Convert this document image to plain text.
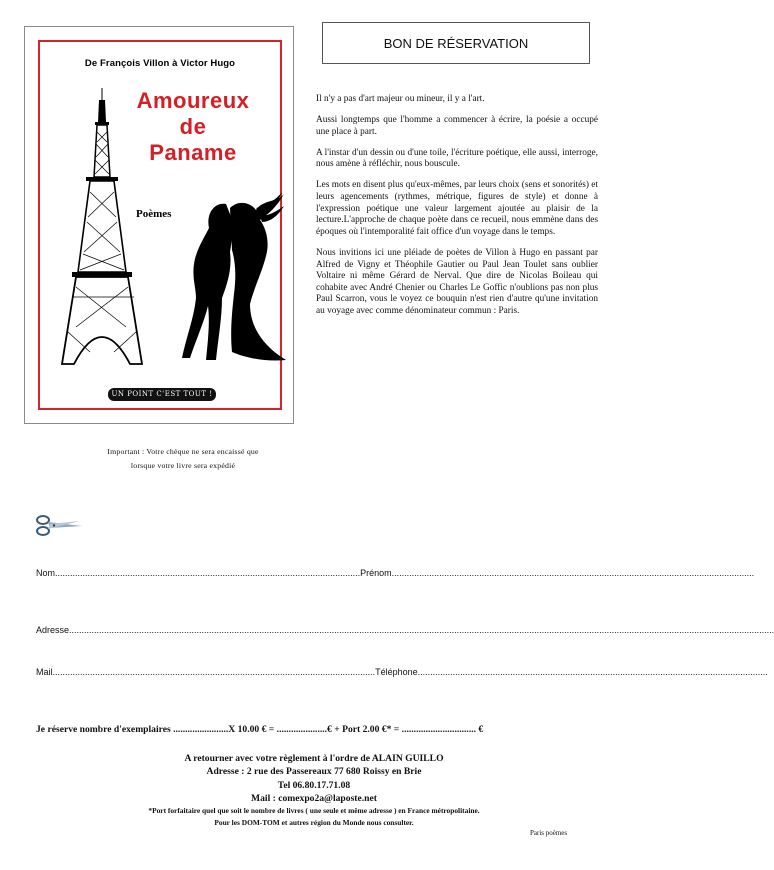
De François Villon à Victor Hugo
Amoureux
de
Paname
Poèmes
UN POINT C'EST TOUT !
BON DE RÉSERVATION

Il n'y a pas d'art majeur ou mineur, il y a l'art.

Aussi longtemps que l'homme a commencer à écrire, la poésie a occupé une place à part.

A l'instar d'un dessin ou d'une toile, l'écriture poétique, elle aussi, interroge, nous amène à réfléchir, nous bouscule.

Les mots en disent plus qu'eux-mêmes, par leurs choix (sens et sonorités) et leurs agencements (rythmes, métrique, figures de style) et donne à l'expression poétique une valeur largement ajoutée au plaisir de la lecture.L'approche de chaque poète dans ce recueil, nous emmène dans des époques où l'intemporalité fait office d'un voyage dans le temps.

Nous invitions ici une pléiade de poètes de Villon à Hugo en passant par Alfred de Vigny et Théophile Gautier ou Paul Jean Toulet sans oublier Voltaire ni même Gérard de Nerval. Que dire de Nicolas Boileau qui cohabite avec André Chenier ou Charles Le Goffic n'oublions pas non plus Paul Scarron, vous le voyez ce bouquin n'est rien d'autre qu'une invitation au voyage avec comme dénominateur commun : Paris.

Important : Votre chèque ne sera encaissé que
lorsque votre livre sera expédié
Nom..........................................................................................................................Prénom.................................................................................................................................................
Adresse..........................................................................................................................................................................................................................................................................................
Mail.................................................................................................................................Téléphone............................................................................................................................................
Je réserve nombre d'exemplaires .......................X 10.00 € = .....................€ + Port 2.00 €* = ............................... €
A retourner avec votre règlement à l'ordre de ALAIN GUILLO
Adresse : 2 rue des Passereaux 77 680 Roissy en Brie
Tel 06.80.17.71.08
Mail : comexpo2a@laposte.net
*Port forfaitaire quel que soit le nombre de livres ( une seule et même adresse ) en France métropolitaine.
Pour les DOM-TOM et autres région du Monde nous consulter.
Paris poèmes
